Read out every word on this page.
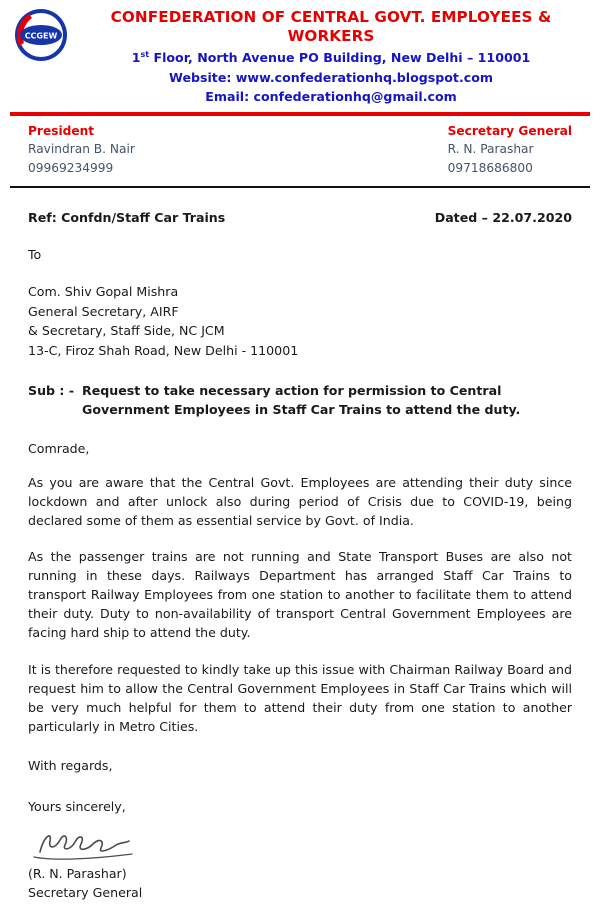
CCGEW
CONFEDERATION OF CENTRAL GOVT. EMPLOYEES & WORKERS
1st Floor, North Avenue PO Building, New Delhi – 110001
Website: www.confederationhq.blogspot.com
Email: confederationhq@gmail.com
President
Ravindran B. Nair
09969234999
Secretary General
R. N. Parashar
09718686800
Ref: Confdn/Staff Car Trains	Dated – 22.07.2020
To
Com. Shiv Gopal Mishra
General Secretary, AIRF
& Secretary, Staff Side, NC JCM
13-C, Firoz Shah Road, New Delhi - 110001
Sub : - Request to take necessary action for permission to Central Government Employees in Staff Car Trains to attend the duty.
Comrade,

As you are aware that the Central Govt. Employees are attending their duty since lockdown and after unlock also during period of Crisis due to COVID-19, being declared some of them as essential service by Govt. of India.

As the passenger trains are not running and State Transport Buses are also not running in these days. Railways Department has arranged Staff Car Trains to transport Railway Employees from one station to another to facilitate them to attend their duty. Duty to non-availability of transport Central Government Employees are facing hard ship to attend the duty.

It is therefore requested to kindly take up this issue with Chairman Railway Board and request him to allow the Central Government Employees in Staff Car Trains which will be very much helpful for them to attend their duty from one station to another particularly in Metro Cities.

With regards,
Yours sincerely,
(R. N. Parashar)
Secretary General
